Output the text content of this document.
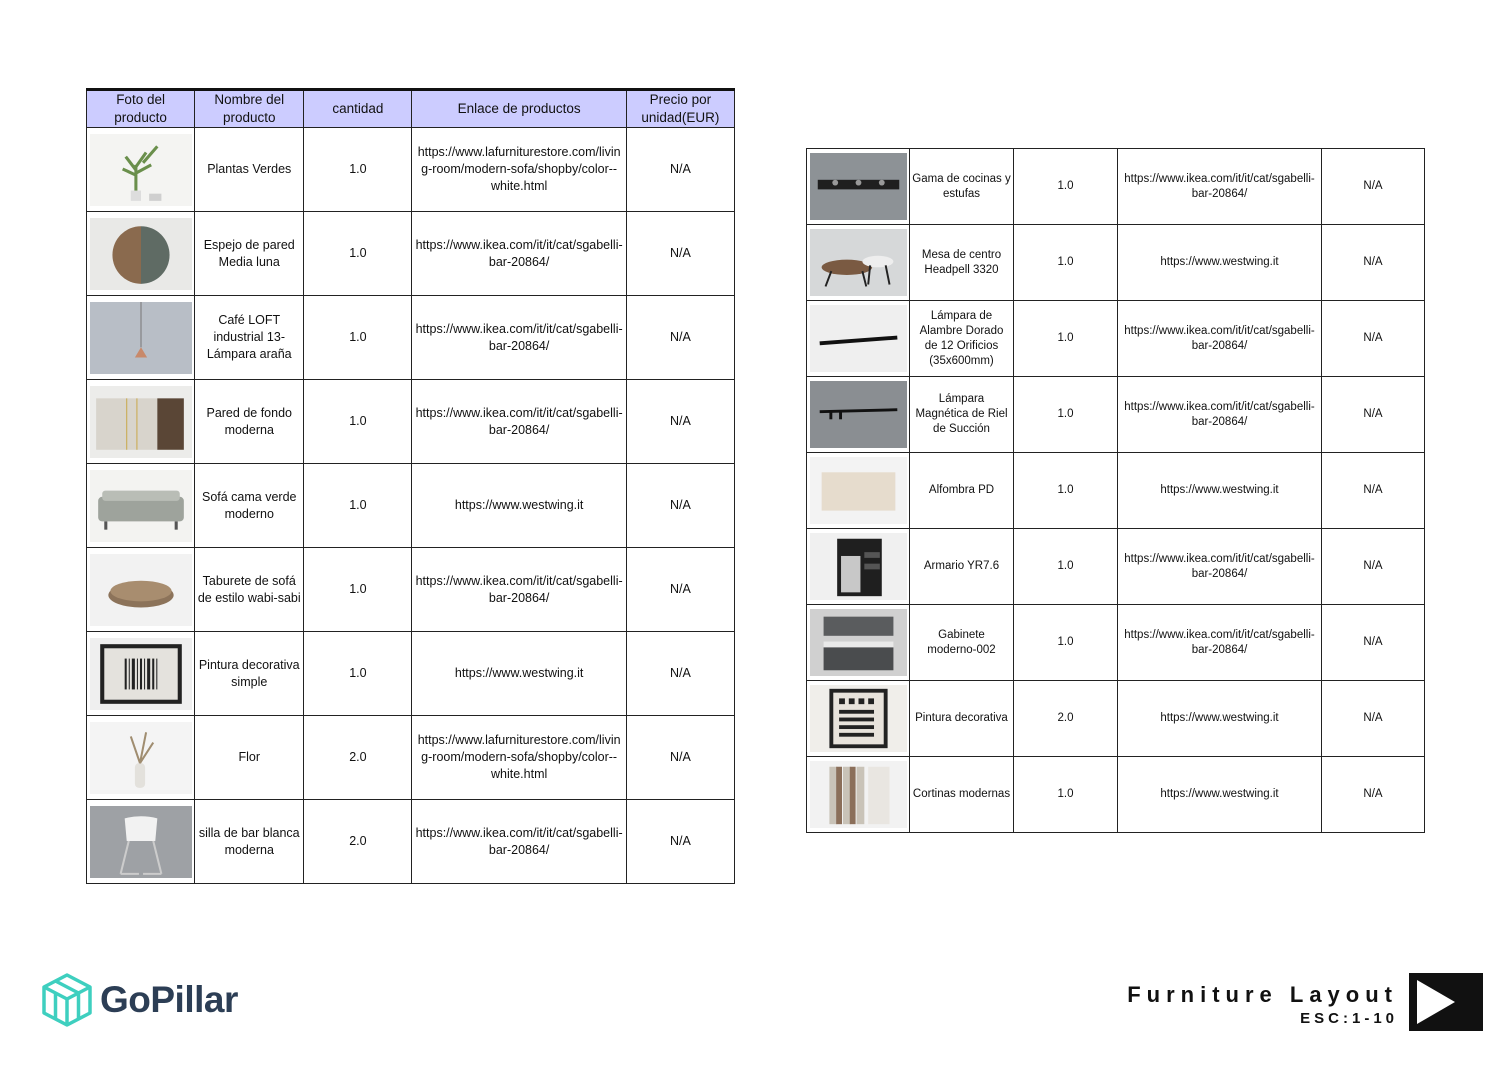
Foto del producto	Nombre del producto	cantidad	Enlace de productos	Precio por unidad(EUR)

	Plantas Verdes	1.0	https://www.lafurniturestore.com/living-room/modern-sofa/shopby/color--white.html	N/A

	Espejo de pared Media luna	1.0	https://www.ikea.com/it/it/cat/sgabelli-bar-20864/	N/A

	Café LOFT industrial 13-Lámpara araña	1.0	https://www.ikea.com/it/it/cat/sgabelli-bar-20864/	N/A

	Pared de fondo moderna	1.0	https://www.ikea.com/it/it/cat/sgabelli-bar-20864/	N/A

	Sofá cama verde moderno	1.0	https://www.westwing.it	N/A

	Taburete de sofá de estilo wabi-sabi	1.0	https://www.ikea.com/it/it/cat/sgabelli-bar-20864/	N/A

	Pintura decorativa simple	1.0	https://www.westwing.it	N/A

	Flor	2.0	https://www.lafurniturestore.com/living-room/modern-sofa/shopby/color--white.html	N/A

	silla de bar blanca moderna	2.0	https://www.ikea.com/it/it/cat/sgabelli-bar-20864/	N/A
	Gama de cocinas y estufas	1.0	https://www.ikea.com/it/it/cat/sgabelli-bar-20864/	N/A

	Mesa de centro Headpell 3320	1.0	https://www.westwing.it	N/A

	Lámpara de Alambre Dorado de 12 Orificios (35x600mm)	1.0	https://www.ikea.com/it/it/cat/sgabelli-bar-20864/	N/A

	Lámpara Magnética de Riel de Succión	1.0	https://www.ikea.com/it/it/cat/sgabelli-bar-20864/	N/A

	Alfombra PD	1.0	https://www.westwing.it	N/A

	Armario YR7.6	1.0	https://www.ikea.com/it/it/cat/sgabelli-bar-20864/	N/A

	Gabinete moderno-002	1.0	https://www.ikea.com/it/it/cat/sgabelli-bar-20864/	N/A

	Pintura decorativa	2.0	https://www.westwing.it	N/A

	Cortinas modernas	1.0	https://www.westwing.it	N/A
GoPillar	Furniture Layout
ESC:1-10
